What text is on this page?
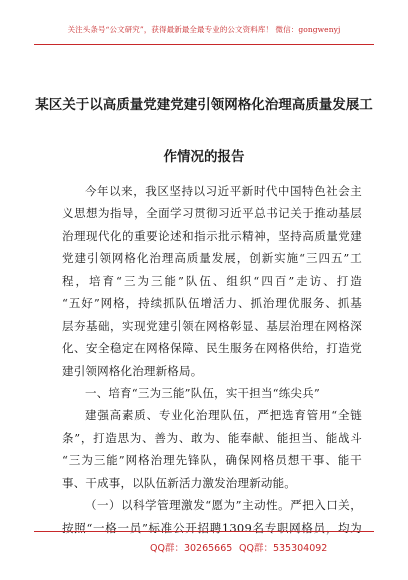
关注头条号“公文研究”，获得最新最全最专业的公文资料库！ 微信：gongwenyj
某区关于以高质量党建党建引领网格化治理高质量发展工
作情况的报告
今年以来，我区坚持以习近平新时代中国特色社会主
义思想为指导，全面学习贯彻习近平总书记关于推动基层
治理现代化的重要论述和指示批示精神，坚持高质量党建
党建引领网格化治理高质量发展，创新实施“三四五”工
程，培育“三为三能”队伍、组织“四百”走访、打造
“五好”网格，持续抓队伍增活力、抓治理优服务、抓基
层夯基础，实现党建引领在网格彰显、基层治理在网格深
化、安全稳定在网格保障、民生服务在网格供给，打造党
建引领网格化治理新格局。
一、培育“三为三能”队伍，实干担当“练尖兵”
建强高素质、专业化治理队伍，严把选育管用“全链
条”，打造思为、善为、敢为、能奉献、能担当、能战斗
“三为三能”网格治理先锋队，确保网格员想干事、能干
事、干成事，以队伍新活力激发治理新动能。
（一）以科学管理激发“愿为”主动性。严把入口关，
按照“一格一员”标准公开招聘1309名专职网格员，均为
QQ群：30265665 QQ群：535304092
